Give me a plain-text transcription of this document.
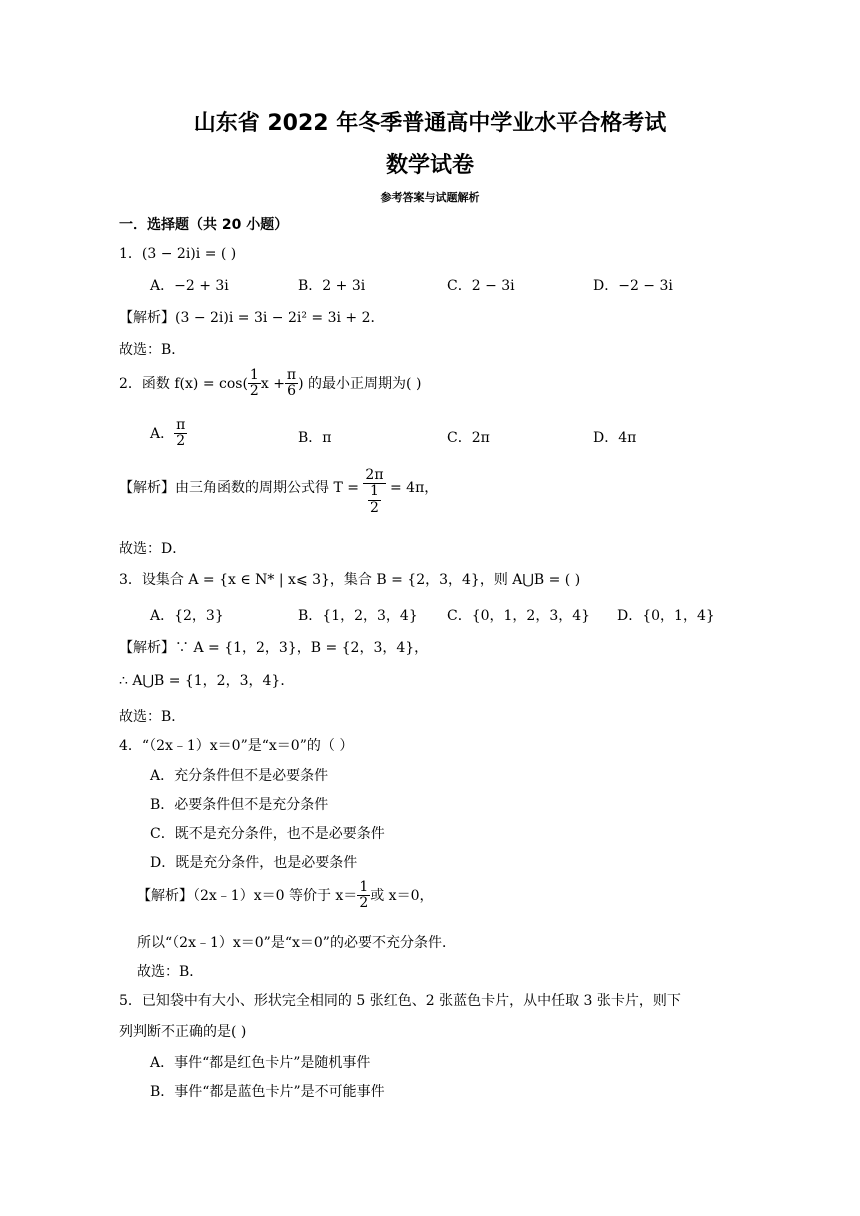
山东省 2022 年冬季普通高中学业水平合格考试
数学试卷
参考答案与试题解析
一．选择题（共 20 小题）
1．(3 − 2i)i = ( )
A．−2 + 3i	B．2 + 3i	C．2 − 3i	D．−2 − 3i
【解析】(3 − 2i)i = 3i − 2i² = 3i + 2．
故选：B．
2．函数 $f(x) = \cos( \frac{1}{2}$ $x + \frac{\pi}{6}$ ) 的最小正周期为( )
A． $\frac{\pi}{2}$	B．π	C．2π	D．4π
【解析】由三角函数的周期公式得 $T = \frac{2\pi}{\frac{1}{2}} = 4\pi$，
故选：D．
3．设集合 A = {x ∈ N* | x⩽ 3}，集合 B = {2，3，4}，则 A⋃B = ( )
A．{2，3}	B．{1，2，3，4} C．{0，1，2，3，4} D．{0，1，4}
【解析】∵ A = {1，2，3}，B = {2，3，4}，
∴ A⋃B = {1，2，3，4}．
故选：B．
4．“（2x﹣1）x＝0”是“x＝0”的（ ）
A．充分条件但不是必要条件
B．必要条件但不是充分条件
C．既不是充分条件，也不是必要条件
D．既是充分条件，也是必要条件
【解析】（2x﹣1）x＝0 等价于 $x= \frac{1}{2}$ 或 x＝0，
所以“（2x﹣1）x＝0”是“x＝0”的必要不充分条件．
故选：B．
5．已知袋中有大小、形状完全相同的 5 张红色、2 张蓝色卡片，从中任取 3 张卡片，则下
列判断不正确的是( )
A．事件“都是红色卡片”是随机事件
B．事件“都是蓝色卡片”是不可能事件
